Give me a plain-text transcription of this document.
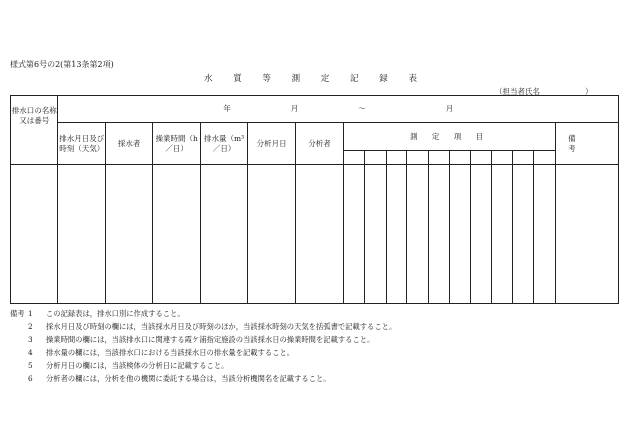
様式第6号の2(第13条第2項)
水 質 等 測 定 記 録 表
（担当者氏名　　　　　　）
排水口の名称又は番号	年 月 ～ 月																
	排水月日及び時刻（天気）	採水者	操業時間（h／日）	排水量（m³／日）	分析月日	分析者	測 定 項 目										備 考

備考 1 この記録表は，排水口別に作成すること。
2 採水月日及び時刻の欄には，当該採水月日及び時刻のほか，当該採水時刻の天気を括弧書で記載すること。
3 操業時間の欄には，当該排水口に関連する霞ケ浦指定施設の当該採水日の操業時間を記載すること。
4 排水量の欄には，当該排水口における当該採水日の排水量を記載すること。
5 分析月日の欄には，当該検体の分析日に記載すること。
6 分析者の欄には，分析を他の機関に委託する場合は，当該分析機関名を記載すること。
